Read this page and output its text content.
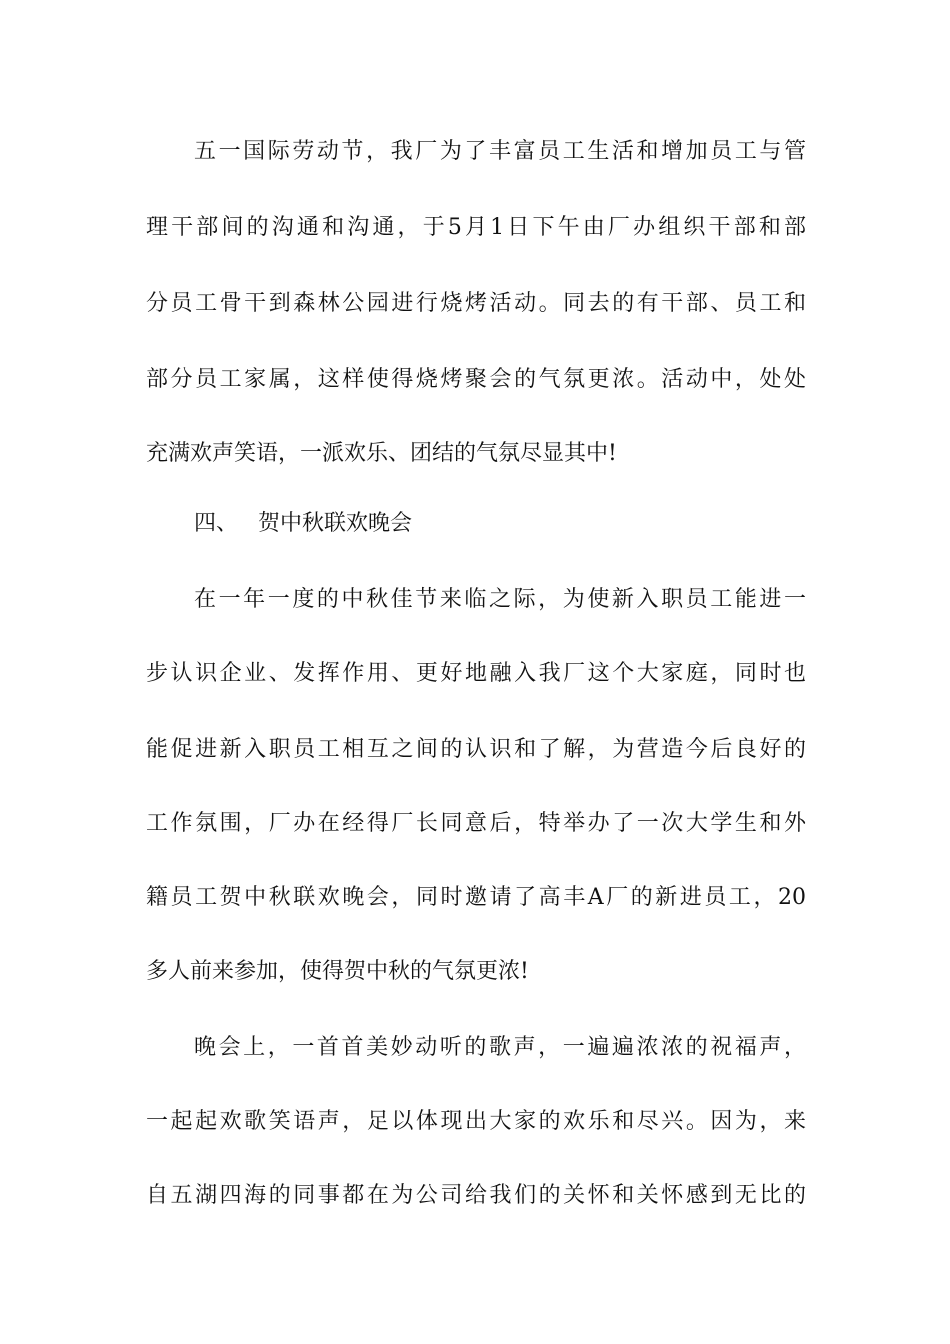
五一国际劳动节，我厂为了丰富员工生活和增加员工与管
理干部间的沟通和沟通，于5月1日下午由厂办组织干部和部
分员工骨干到森林公园进行烧烤活动。同去的有干部、员工和
部分员工家属，这样使得烧烤聚会的气氛更浓。活动中，处处
充满欢声笑语，一派欢乐、团结的气氛尽显其中!
四、 贺中秋联欢晚会
在一年一度的中秋佳节来临之际，为使新入职员工能进一
步认识企业、发挥作用、更好地融入我厂这个大家庭，同时也
能促进新入职员工相互之间的认识和了解，为营造今后良好的
工作氛围，厂办在经得厂长同意后，特举办了一次大学生和外
籍员工贺中秋联欢晚会，同时邀请了高丰A厂的新进员工，20
多人前来参加，使得贺中秋的气氛更浓!
晚会上，一首首美妙动听的歌声，一遍遍浓浓的祝福声，
一起起欢歌笑语声，足以体现出大家的欢乐和尽兴。因为，来
自五湖四海的同事都在为公司给我们的关怀和关怀感到无比的
